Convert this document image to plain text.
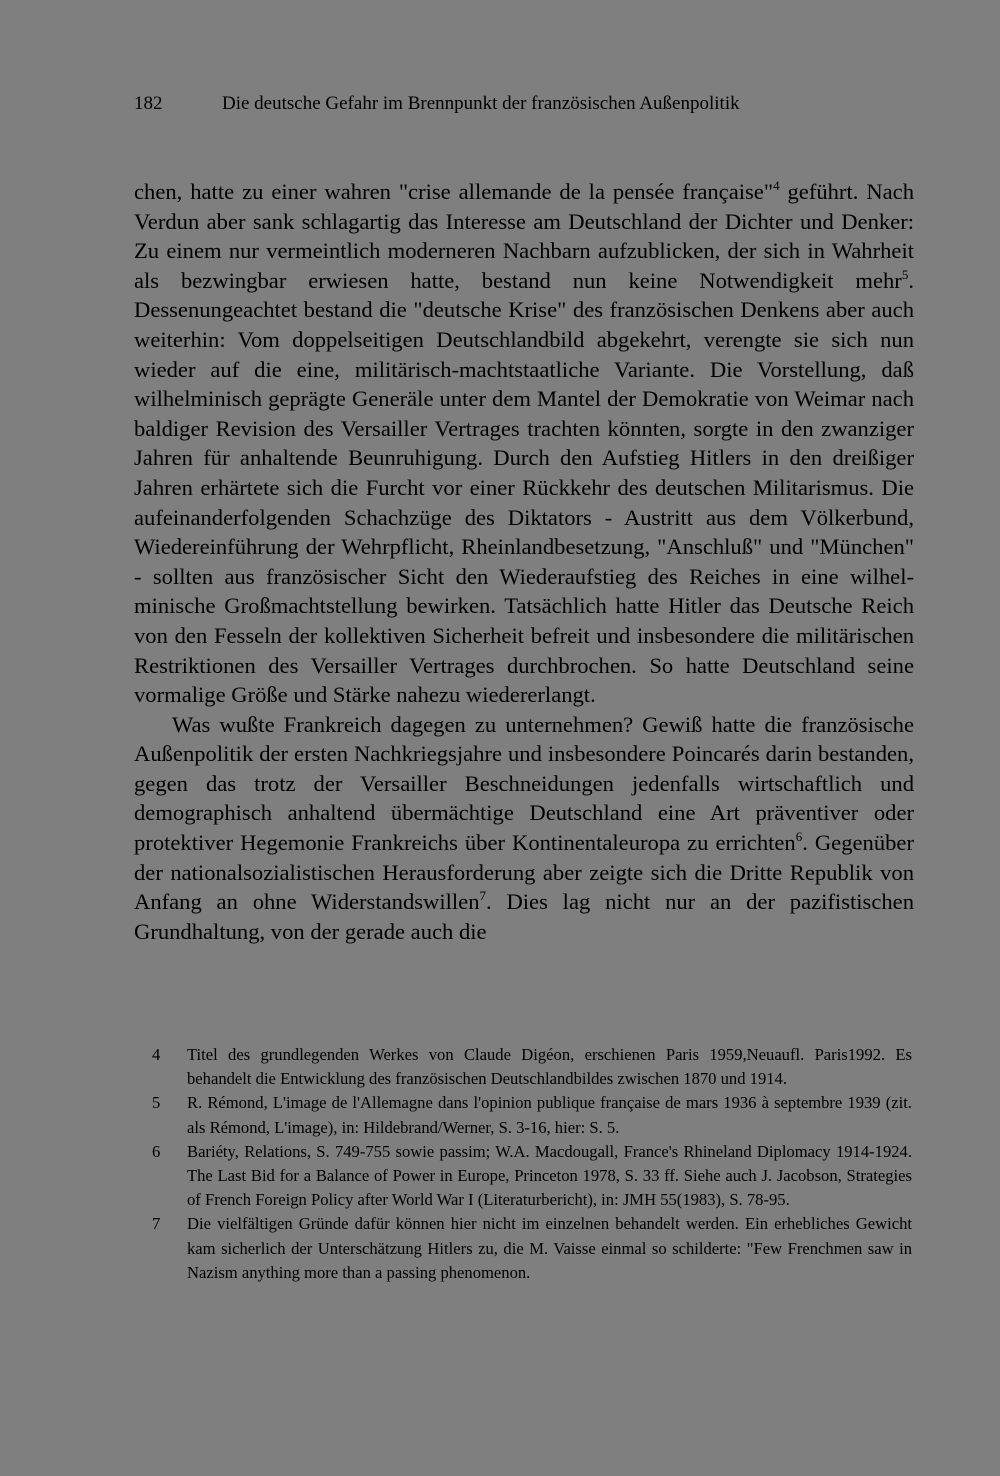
182	Die deutsche Gefahr im Brennpunkt der französischen Außenpolitik

chen, hatte zu einer wahren "crise allemande de la pensée française"$^4$ geführt. Nach Verdun aber sank schlagartig das Interesse am Deutschland der Dichter und Denker: Zu einem nur vermeintlich moderneren Nachbarn aufzublicken, der sich in Wahrheit als bezwingbar erwiesen hatte, bestand nun keine Notwendigkeit mehr$^5$. Dessenungeachtet bestand die "deutsche Krise" des französischen Denkens aber auch weiterhin: Vom doppelseitigen Deutschlandbild abgekehrt, verengte sie sich nun wieder auf die eine, militärisch-machtstaatliche Variante. Die Vorstellung, daß wilhelminisch geprägte Generäle unter dem Mantel der Demokratie von Weimar nach baldiger Revision des Versailler Vertrages trachten könnten, sorgte in den zwanziger Jahren für anhaltende Beunruhigung. Durch den Aufstieg Hitlers in den dreißiger Jahren erhärtete sich die Furcht vor einer Rückkehr des deutschen Militarismus. Die aufeinanderfolgenden Schachzüge des Diktators - Austritt aus dem Völkerbund, Wiedereinführung der Wehrpflicht, Rheinlandbesetzung, "Anschluß" und "München" - sollten aus französischer Sicht den Wiederaufstieg des Reiches in eine wilhelminische Großmachtstellung bewirken. Tatsächlich hatte Hitler das Deutsche Reich von den Fesseln der kollektiven Sicherheit befreit und insbesondere die militärischen Restriktionen des Versailler Vertrages durchbrochen. So hatte Deutschland seine vormalige Größe und Stärke nahezu wiedererlangt.

Was wußte Frankreich dagegen zu unternehmen? Gewiß hatte die französische Außenpolitik der ersten Nachkriegsjahre und insbesondere Poincarés darin bestanden, gegen das trotz der Versailler Beschneidungen jedenfalls wirtschaftlich und demographisch anhaltend übermächtige Deutschland eine Art präventiver oder protektiver Hegemonie Frankreichs über Kontinentaleuropa zu errichten$^6$. Gegenüber der nationalsozialistischen Herausforderung aber zeigte sich die Dritte Republik von Anfang an ohne Widerstandswillen$^7$. Dies lag nicht nur an der pazifistischen Grundhaltung, von der gerade auch die

4 Titel des grundlegenden Werkes von Claude Digéon, erschienen Paris 1959,Neuaufl. Paris1992. Es behandelt die Entwicklung des französischen Deutschlandbildes zwischen 1870 und 1914.
5 R. Rémond, L'image de l'Allemagne dans l'opinion publique française de mars 1936 à septembre 1939 (zit. als Rémond, L'image), in: Hildebrand/Werner, S. 3-16, hier: S. 5.
6 Bariéty, Relations, S. 749-755 sowie passim; W.A. Macdougall, France's Rhineland Diplomacy 1914-1924. The Last Bid for a Balance of Power in Europe, Princeton 1978, S. 33 ff. Siehe auch J. Jacobson, Strategies of French Foreign Policy after World War I (Literaturbericht), in: JMH 55(1983), S. 78-95.
7 Die vielfältigen Gründe dafür können hier nicht im einzelnen behandelt werden. Ein erhebliches Gewicht kam sicherlich der Unterschätzung Hitlers zu, die M. Vaisse einmal so schilderte: "Few Frenchmen saw in Nazism anything more than a passing phenomenon.
